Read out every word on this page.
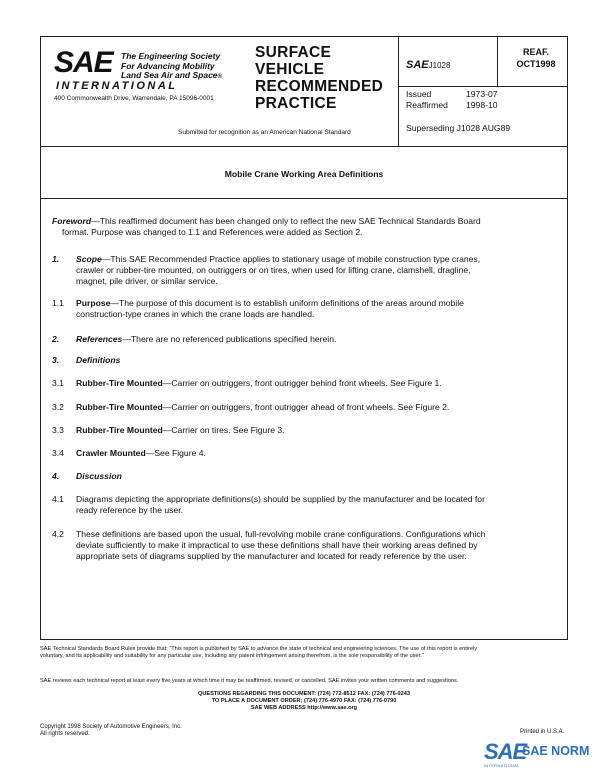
SAE The Engineering Society
For Advancing Mobility
Land Sea Air and Space®
INTERNATIONAL
400 Commonwealth Drive, Warrendale, PA 15096-0001
SURFACE
VEHICLE
RECOMMENDED
PRACTICE
Submitted for recognition as an American National Standard
SAEJ1028
REAF.
OCT1998
Issued	1973-07
Reaffirmed 1998-10
Superseding J1028 AUG89
Mobile Crane Working Area Definitions
Foreword—This reaffirmed document has been changed only to reflect the new SAE Technical Standards Board
format. Purpose was changed to 1.1 and References were added as Section 2.
1. Scope—This SAE Recommended Practice applies to stationary usage of mobile construction type cranes,
crawler or rubber-tire mounted, on outriggers or on tires, when used for lifting crane, clamshell, dragline,
magnet, pile driver, or similar service.
1.1 Purpose—The purpose of this document is to establish uniform definitions of the areas around mobile
construction-type cranes in which the crane loads are handled.
2. References—There are no referenced publications specified herein.
3. Definitions
3.1 Rubber-Tire Mounted—Carrier on outriggers, front outrigger behind front wheels. See Figure 1.
3.2 Rubber-Tire Mounted—Carrier on outriggers, front outrigger ahead of front wheels. See Figure 2.
3.3 Rubber-Tire Mounted—Carrier on tires. See Figure 3.
3.4 Crawler Mounted—See Figure 4.
4. Discussion
4.1 Diagrams depicting the appropriate definitions(s) should be supplied by the manufacturer and be located for
ready reference by the user.
4.2 These definitions are based upon the usual, full-revolving mobile crane configurations. Configurations which
deviate sufficiently to make it impractical to use these definitions shall have their working areas defined by
appropriate sets of diagrams supplied by the manufacturer and located for ready reference by the user.
SAE Technical Standards Board Rules provide that: "This report is published by SAE to advance the state of technical and engineering sciences. The use of this report is entirely
voluntary, and its applicability and suitability for any particular use, including any patent infringement arising therefrom, is the sole responsibility of the user."
SAE reviews each technical report at least every five years at which time it may be reaffirmed, revised, or cancelled. SAE invites your written comments and suggestions.
QUESTIONS REGARDING THIS DOCUMENT: (724) 772-8512 FAX: (724) 776-0243
TO PLACE A DOCUMENT ORDER; (724) 776-4970 FAX: (724) 776-0790
SAE WEB ADDRESS http://www.sae.org
Copyright 1998 Society of Automotive Engineers, Inc.
All rights reserved.	Printed in U.S.A.
SAE
SAE NORM
INTERNATIONAL
